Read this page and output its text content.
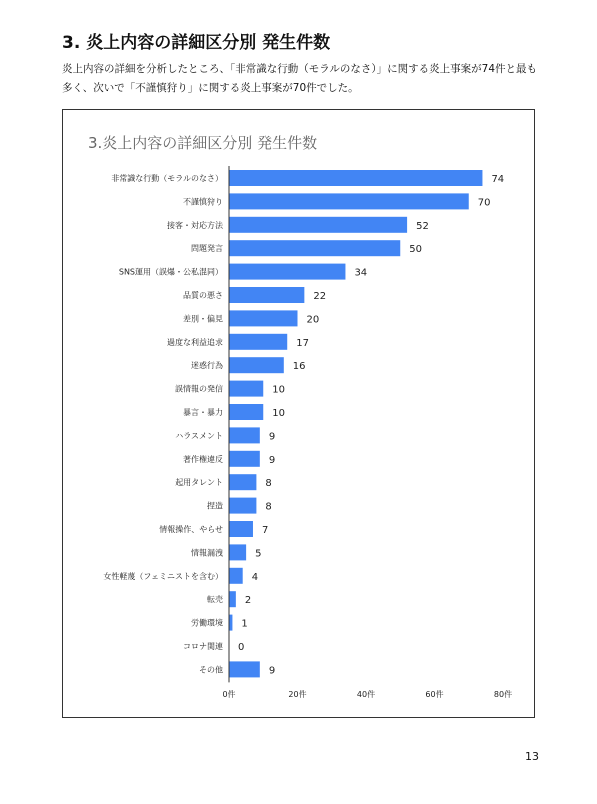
3. 炎上内容の詳細区分別 発生件数
炎上内容の詳細を分析したところ、「非常識な行動（モラルのなさ）」に関する炎上事案が74件と最も
多く、次いで「不謹慎狩り」に関する炎上事案が70件でした。
3.炎上内容の詳細区分別 発生件数
非常識な行動（モラルのなさ）	74
不謹慎狩り	70
接客・対応方法	52
問題発言	50
SNS運用（誤爆・公私混同）	34
品質の悪さ	22
差別・偏見	20
過度な利益追求	17
迷惑行為	16
誤情報の発信	10
暴言・暴力	10
ハラスメント	9
著作権違反	9
起用タレント	8
捏造	8
情報操作、やらせ	7
情報漏洩	5
女性軽蔑（フェミニストを含む）	4
転売 2
労働環境 1
コロナ関連 0
その他	9
0件	20件	40件	60件	80件
13
